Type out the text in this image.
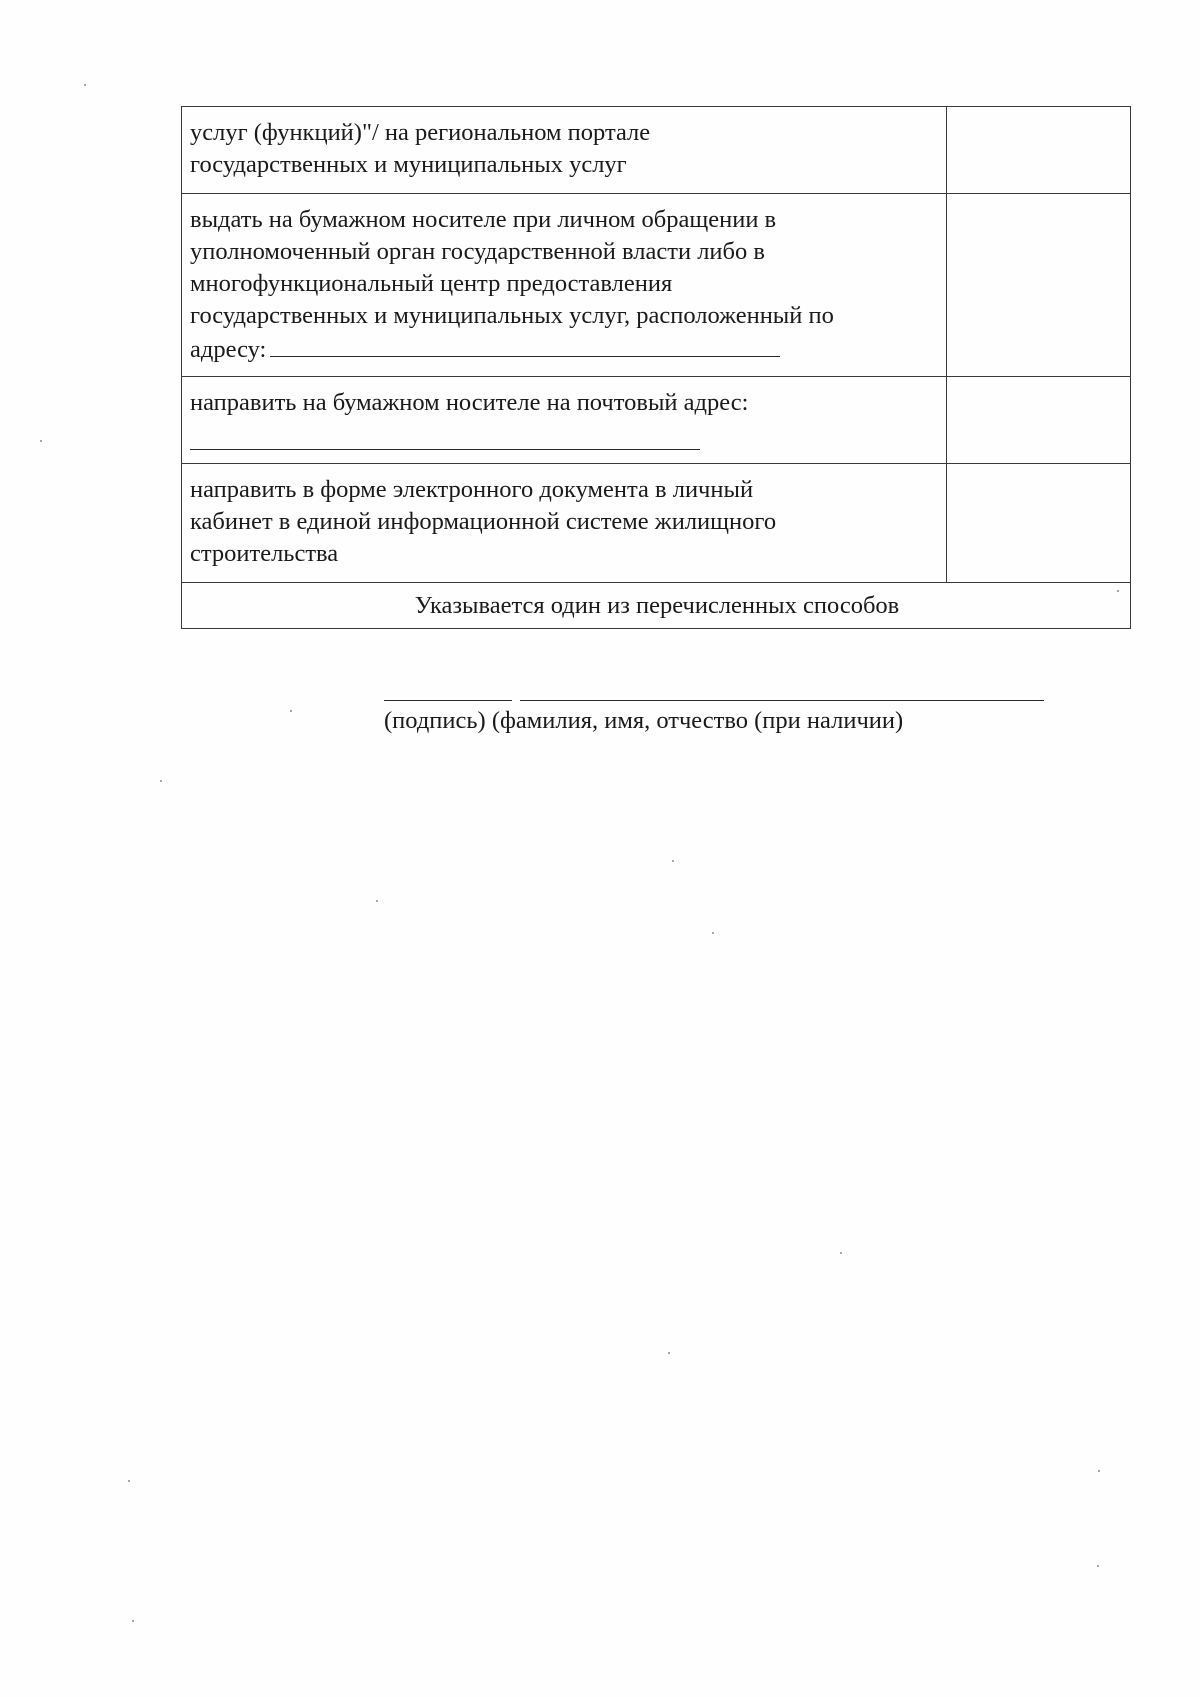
услуг (функций)"/ на региональном портале
государственных и муниципальных услуг	

выдать на бумажном носителе при личном обращении в
уполномоченный орган государственной власти либо в
многофункциональный центр предоставления
государственных и муниципальных услуг, расположенный по
адресу:	

направить на бумажном носителе на почтовый адрес:	

направить в форме электронного документа в личный
кабинет в единой информационной системе жилищного
строительства	

Указывается один из перечисленных способов	
(подпись) (фамилия, имя, отчество (при наличии)
